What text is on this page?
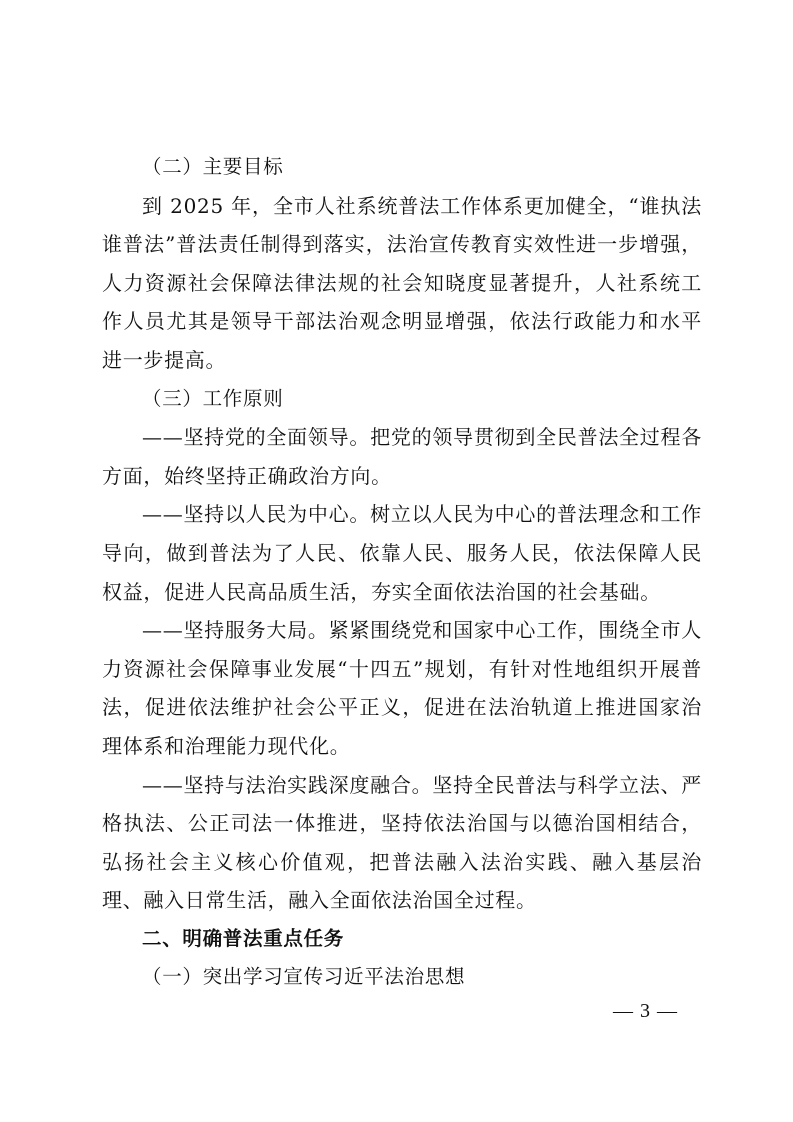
（二）主要目标

到 2025 年，全市人社系统普法工作体系更加健全，“谁执法谁普法”普法责任制得到落实，法治宣传教育实效性进一步增强，人力资源社会保障法律法规的社会知晓度显著提升，人社系统工作人员尤其是领导干部法治观念明显增强，依法行政能力和水平进一步提高。

（三）工作原则

——坚持党的全面领导。把党的领导贯彻到全民普法全过程各方面，始终坚持正确政治方向。

——坚持以人民为中心。树立以人民为中心的普法理念和工作导向，做到普法为了人民、依靠人民、服务人民，依法保障人民权益，促进人民高品质生活，夯实全面依法治国的社会基础。

——坚持服务大局。紧紧围绕党和国家中心工作，围绕全市人力资源社会保障事业发展“十四五”规划，有针对性地组织开展普法，促进依法维护社会公平正义，促进在法治轨道上推进国家治理体系和治理能力现代化。

——坚持与法治实践深度融合。坚持全民普法与科学立法、严格执法、公正司法一体推进，坚持依法治国与以德治国相结合，弘扬社会主义核心价值观，把普法融入法治实践、融入基层治理、融入日常生活，融入全面依法治国全过程。

二、明确普法重点任务

（一）突出学习宣传习近平法治思想

— 3 —
